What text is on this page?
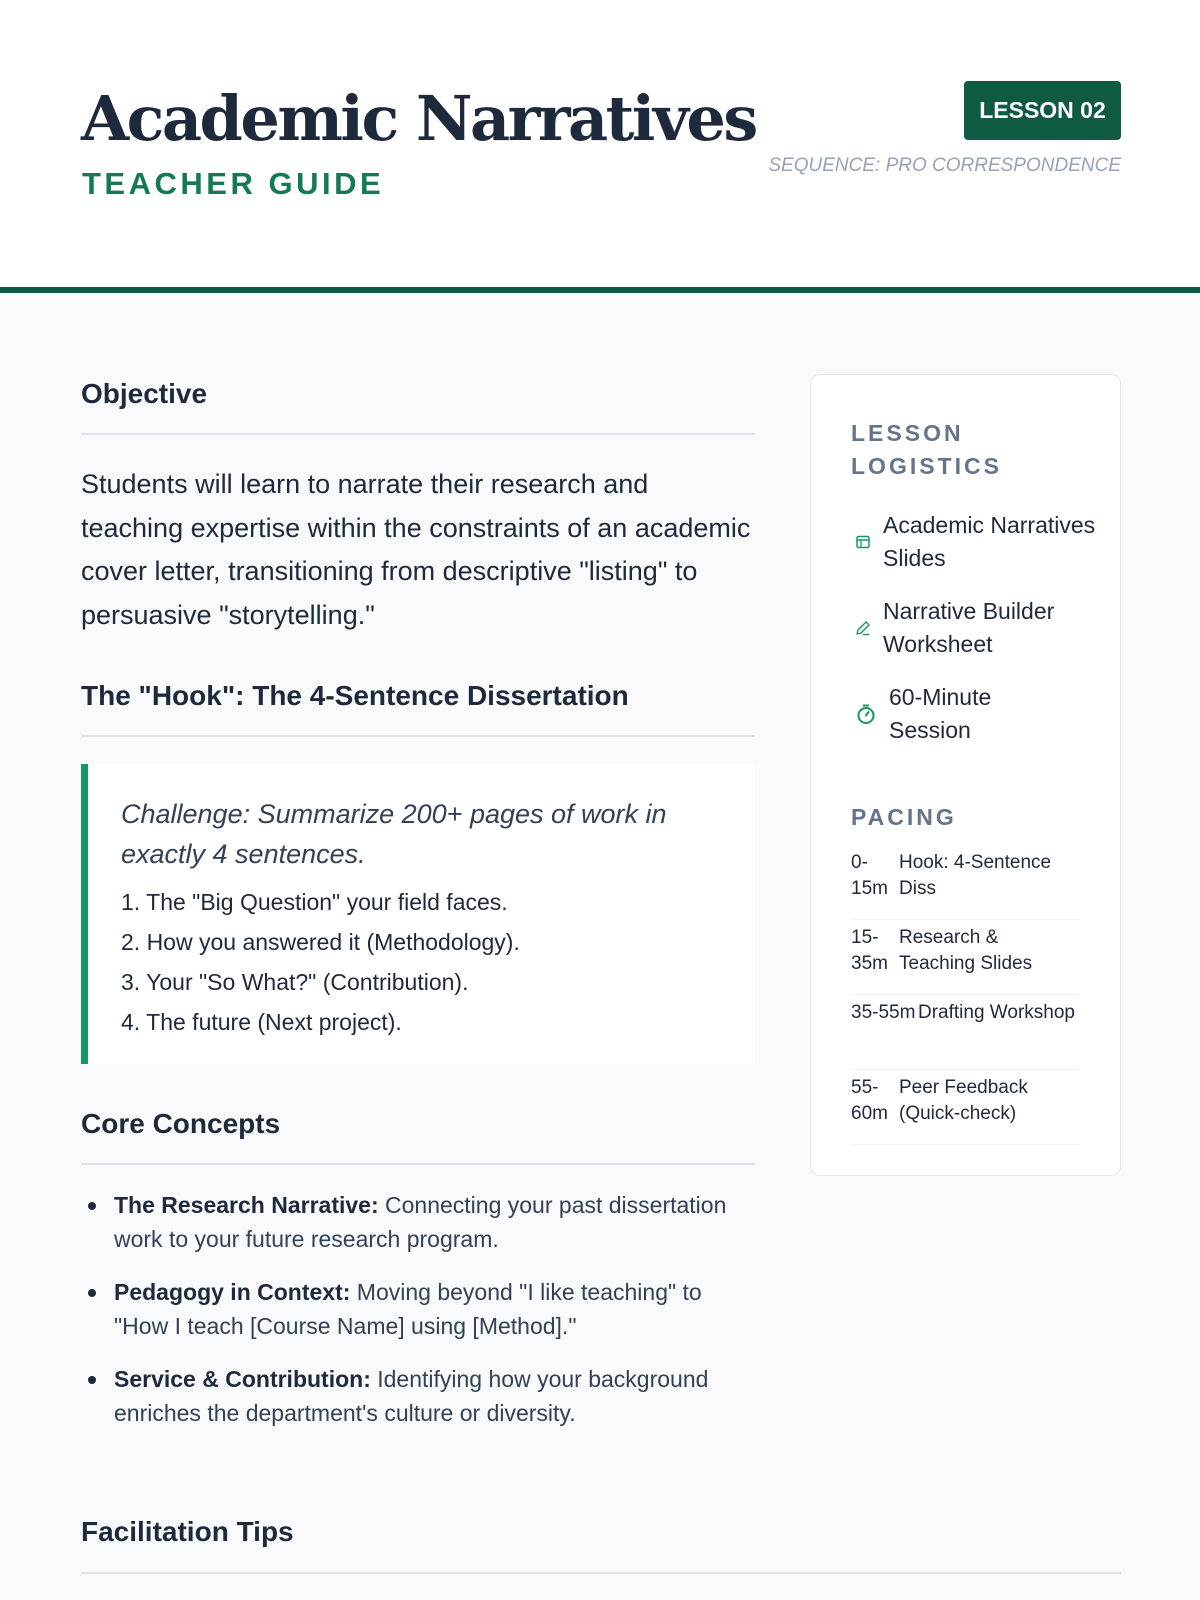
Academic Narratives
TEACHER GUIDE
LESSON 02
SEQUENCE: PRO CORRESPONDENCE
Objective
Students will learn to narrate their research and teaching expertise within the constraints of an academic cover letter, transitioning from descriptive "listing" to persuasive "storytelling."
The "Hook": The 4-Sentence Dissertation
Challenge: Summarize 200+ pages of work in exactly 4 sentences.
1. The "Big Question" your field faces.
2. How you answered it (Methodology).
3. Your "So What?" (Contribution).
4. The future (Next project).
Core Concepts
The Research Narrative: Connecting your past dissertation work to your future research program.
Pedagogy in Context: Moving beyond "I like teaching" to "How I teach [Course Name] using [Method]."
Service & Contribution: Identifying how your background enriches the department's culture or diversity.
Facilitation Tips
LESSON LOGISTICS
Academic Narratives Slides
Narrative Builder Worksheet
60-Minute Session
PACING
0-15m
Hook: 4-Sentence Diss
15-35m
Research & Teaching Slides
35-55m Drafting Workshop
55-60m
Peer Feedback (Quick-check)
